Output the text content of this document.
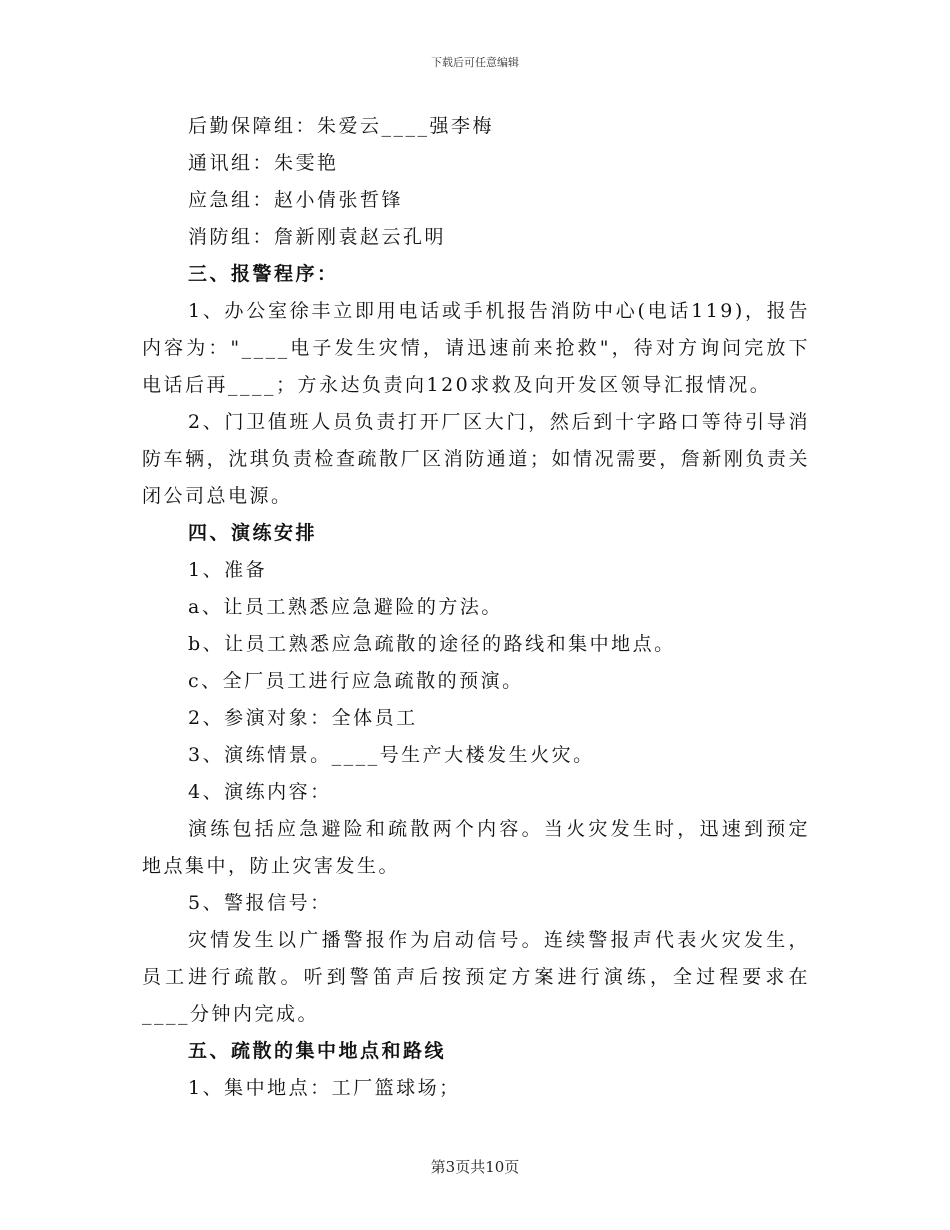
下载后可任意编辑
后勤保障组：朱爱云____强李梅
通讯组：朱雯艳
应急组：赵小倩张哲锋
消防组：詹新刚袁赵云孔明
三、报警程序：

1、办公室徐丰立即用电话或手机报告消防中心(电话119)，报告内容为："____电子发生灾情，请迅速前来抢救"，待对方询问完放下电话后再____；方永达负责向120求救及向开发区领导汇报情况。

2、门卫值班人员负责打开厂区大门，然后到十字路口等待引导消防车辆，沈琪负责检查疏散厂区消防通道；如情况需要，詹新刚负责关闭公司总电源。

四、演练安排
1、准备
a、让员工熟悉应急避险的方法。
b、让员工熟悉应急疏散的途径的路线和集中地点。
c、全厂员工进行应急疏散的预演。
2、参演对象：全体员工
3、演练情景。____号生产大楼发生火灾。
4、演练内容：

演练包括应急避险和疏散两个内容。当火灾发生时，迅速到预定地点集中，防止灾害发生。

5、警报信号：

灾情发生以广播警报作为启动信号。连续警报声代表火灾发生，员工进行疏散。听到警笛声后按预定方案进行演练，全过程要求在____分钟内完成。

五、疏散的集中地点和路线
1、集中地点：工厂篮球场；
第3页共10页
